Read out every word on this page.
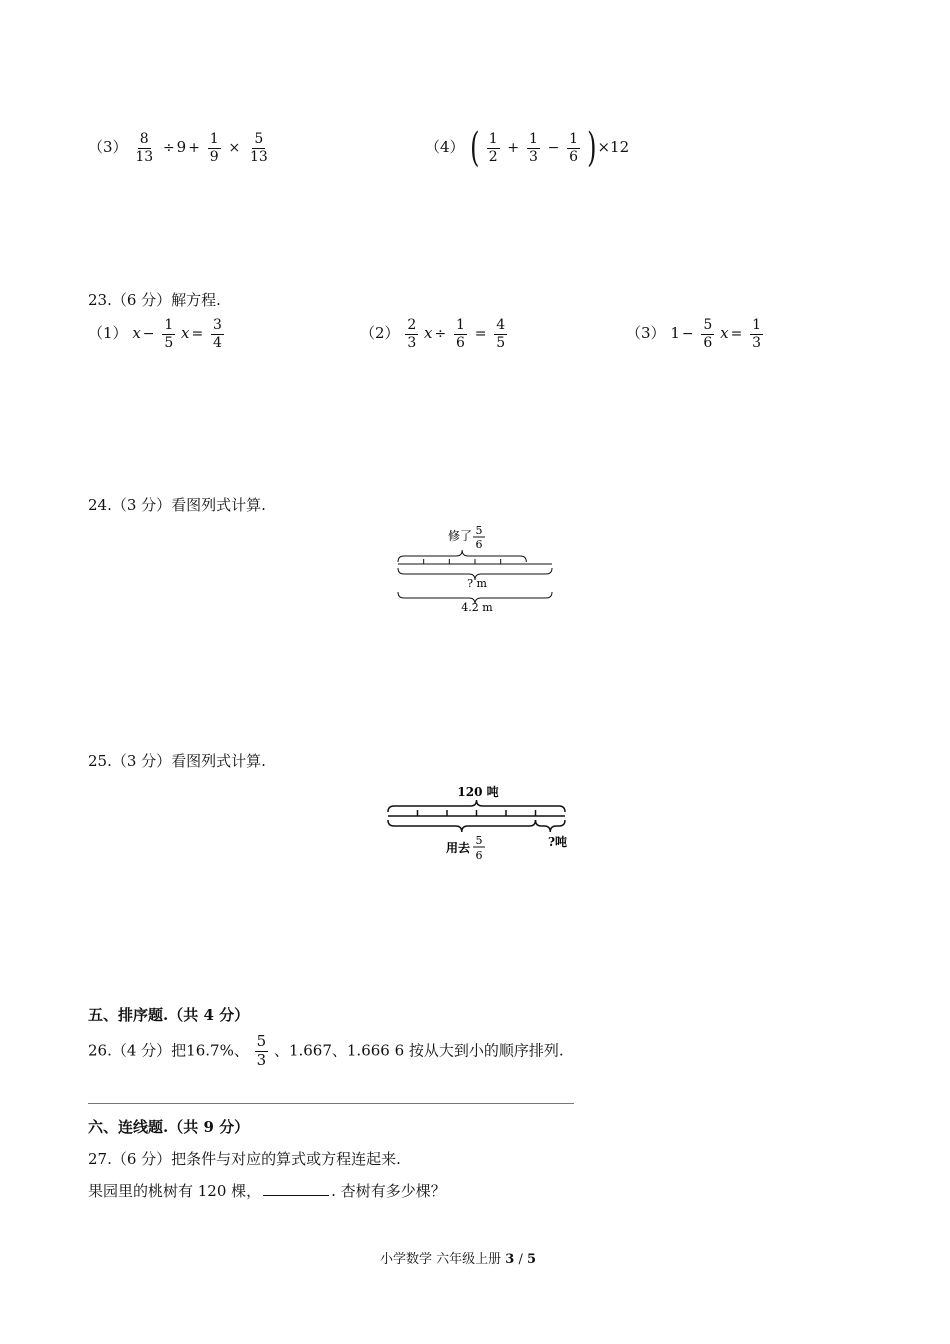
$(3) \frac{8}{13} \div 9 + \frac{1}{9} \times \frac{5}{13}$	（4） ( $\frac{1}{2} + \frac{1}{3} - \frac{1}{6} )\times 12$
23.（6 分）解方程.
（1） $x - \frac{1}{5}$ $x = \frac{3}{4}$	$(2) \frac{2}{3}$ $x \div \frac{1}{6} = \frac{4}{5}$	（3） $1 - \frac{5}{6}$ $x = \frac{1}{3}$
24.（3 分）看图列式计算.
修了 5
6
? m
4.2 m
25.（3 分）看图列式计算.
120 吨
用去
5
6
?吨
五、排序题.（共 4 分）
26.（4 分）把16.7%、 $\frac{5}{3}$ 、1.667、1.666 6 按从大到小的顺序排列.
六、连线题.（共 9 分）
27.（6 分）把条件与对应的算式或方程连起来.
果园里的桃树有 120 棵，	. 杏树有多少棵？
小学数学 六年级上册 3 / 5
